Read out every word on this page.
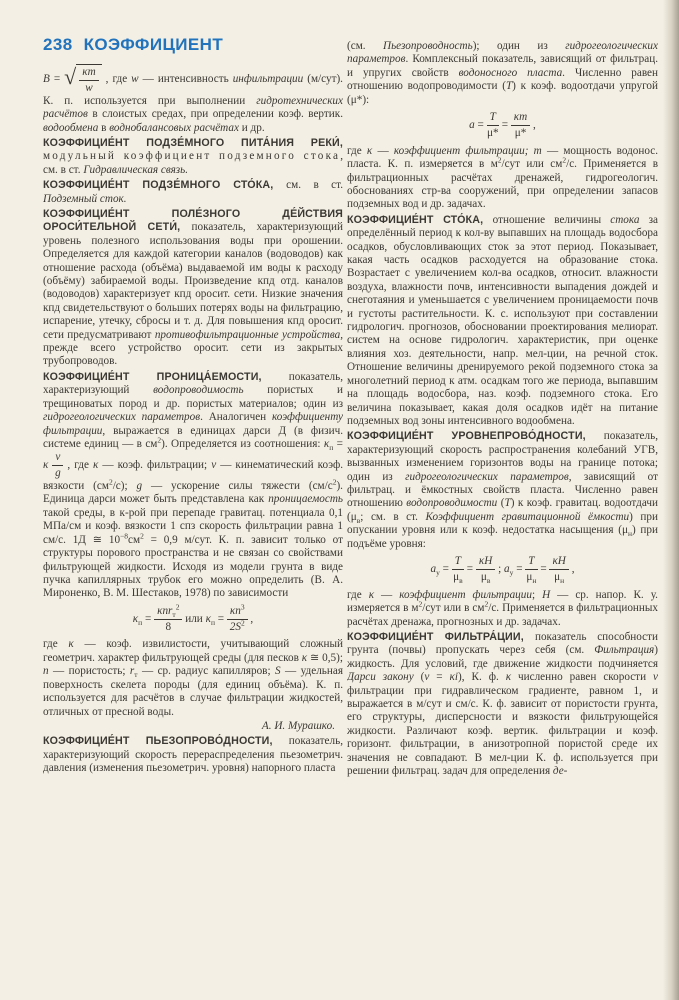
238 КОЭФФИЦИЕНТ
B = √ $\frac{\kappa m}{w}$ , где w — интенсивность инфильтрации (м/сут). К. п. используется при выполнении гидротехнических расчётов в слоистых средах, при определении коэф. вертик. водообмена в воднобалансовых расчётах и др.
КОЭФФИЦИЕ́НТ ПОДЗЕ́МНОГО ПИТА́НИЯ РЕКИ́, модульный коэффициент подземного стока, см. в ст. Гидравлическая связь.
КОЭФФИЦИЕ́НТ ПОДЗЕ́МНОГО СТО́КА, см. в ст. Подземный сток.
КОЭФФИЦИЕ́НТ ПОЛЕ́ЗНОГО ДЕ́ЙСТВИЯ ОРОСИ́ТЕЛЬНОЙ СЕТИ́, показатель, характеризующий уровень полезного использования воды при орошении. Определяется для каждой категории каналов (водоводов) как отношение расхода (объёма) выдаваемой им воды к расходу (объёму) забираемой воды. Произведение кпд отд. каналов (водоводов) характеризует кпд оросит. сети. Низкие значения кпд свидетельствуют о больших потерях воды на фильтрацию, испарение, утечку, сбросы и т. д. Для повышения кпд оросит. сети предусматривают противофильтрационные устройства, прежде всего устройство оросит. сети из закрытых трубопроводов.
КОЭФФИЦИЕ́НТ ПРОНИЦА́ЕМОСТИ, показатель, характеризующий водопроводимость пористых и трещиноватых пород и др. пористых материалов; один из гидрогеологических параметров. Аналогичен коэффициенту фильтрации, выражается в единицах дарси Д (в физич. системе единиц — в $см^2$). Определяется из соотношения: $\kappa_п = \kappa \frac{\nu}{g}$ , где κ — коэф. фильтрации; ν — кинематический коэф. вязкости $(см^2/с)$; g — ускорение силы тяжести $(см/с^2)$. Единица дарси может быть представлена как проницаемость такой среды, в к-рой при перепаде гравитац. потенциала 0,1 МПа/см и коэф. вязкости 1 спз скорость фильтрации равна 1 см/с. 1Д ≅ $10^{-8}см^2 = 0,9$ м/сут. К. п. зависит только от структуры порового пространства и не связан со свойствами фильтрующей жидкости. Исходя из модели грунта в виде пучка капиллярных трубок его можно определить (В. А. Мироненко, В. М. Шестаков, 1978) по зависимости
$\kappa_п = \frac{\kappa nr_т^2}{8}$ или $\kappa_п = \frac{\kappa n^3}{2S^2}$ ,
где κ — коэф. извилистости, учитывающий сложный геометрич. характер фильтрующей среды (для песков κ ≅ 0,5); n — пористость; $r_т$ — ср. радиус капилляров; S — удельная поверхность скелета породы (для единиц объёма). К. п. используется для расчётов в случае фильтрации жидкостей, отличных от пресной воды.
А. И. Мурашко.
КОЭФФИЦИЕ́НТ ПЬЕЗОПРОВО́ДНОСТИ, показатель, характеризующий скорость перераспределения пьезометрич. давления (изменения пьезометрич. уровня) напорного пласта
(см. Пьезопроводность); один из гидрогеологических параметров. Комплексный показатель, зависящий от фильтрац. и упругих свойств водоносного пласта. Численно равен отношению водопроводимости (T) к коэф. водоотдачи упругой (μ*):
$a = \frac{T}{\mu*} = \frac{\kappa m}{\mu*}$ ,
где κ — коэффициент фильтрации; m — мощность водонос. пласта. К. п. измеряется в $м^2$/сут или $см^2/с$. Применяется в фильтрационных расчётах дренажей, гидрогеологич. обоснованиях стр-ва сооружений, при определении запасов подземных вод и др. задачах.
КОЭФФИЦИЕ́НТ СТО́КА, отношение величины стока за определённый период к кол-ву выпавших на площадь водосбора осадков, обусловливающих сток за этот период. Показывает, какая часть осадков расходуется на образование стока. Возрастает с увеличением кол-ва осадков, относит. влажности воздуха, влажности почв, интенсивности выпадения дождей и снеготаяния и уменьшается с увеличением проницаемости почв и густоты растительности. К. с. используют при составлении гидрологич. прогнозов, обосновании проектирования мелиорат. систем на основе гидрологич. характеристик, при оценке влияния хоз. деятельности, напр. мел-ции, на речной сток. Отношение величины дренируемого рекой подземного стока за многолетний период к атм. осадкам того же периода, выпавшим на площадь водосбора, наз. коэф. подземного стока. Его величина показывает, какая доля осадков идёт на питание подземных вод зоны интенсивного водообмена.
КОЭФФИЦИЕ́НТ УРОВНЕПРОВО́ДНОСТИ, показатель, характеризующий скорость распространения колебаний УГВ, вызванных изменением горизонтов воды на границе потока; один из гидрогеологических параметров, зависящий от фильтрац. и ёмкостных свойств пласта. Численно равен отношению водопроводимости (T) к коэф. гравитац. водоотдачи ($\mu_в$; см. в ст. Коэффициент гравитационной ёмкости) при опускании уровня или к коэф. недостатка насыщения $(\mu_н)$ при подъёме уровня:
$a_у = \frac{T}{\mu_в} = \frac{\kappa H}{\mu_в}$ ; $a_у = \frac{T}{\mu_н} = \frac{\kappa H}{\mu_н}$ ,
где κ — коэффициент фильтрации; H — ср. напор. К. у. измеряется в $м^2$/сут или в $см^2/с$. Применяется в фильтрационных расчётах дренажа, прогнозных и др. задачах.
КОЭФФИЦИЕ́НТ ФИЛЬТРА́ЦИИ, показатель способности грунта (почвы) пропускать через себя (см. Фильтрация) жидкость. Для условий, где движение жидкости подчиняется Дарси закону (v = κi), К. ф. κ численно равен скорости v фильтрации при гидравлическом градиенте, равном 1, и выражается в м/сут и см/с. К. ф. зависит от пористости грунта, его структуры, дисперсности и вязкости фильтрующейся жидкости. Различают коэф. вертик. фильтрации и коэф. горизонт. фильтрации, в анизотропной пористой среде их значения не совпадают. В мел-ции К. ф. используется при решении фильтрац. задач для определения де-
